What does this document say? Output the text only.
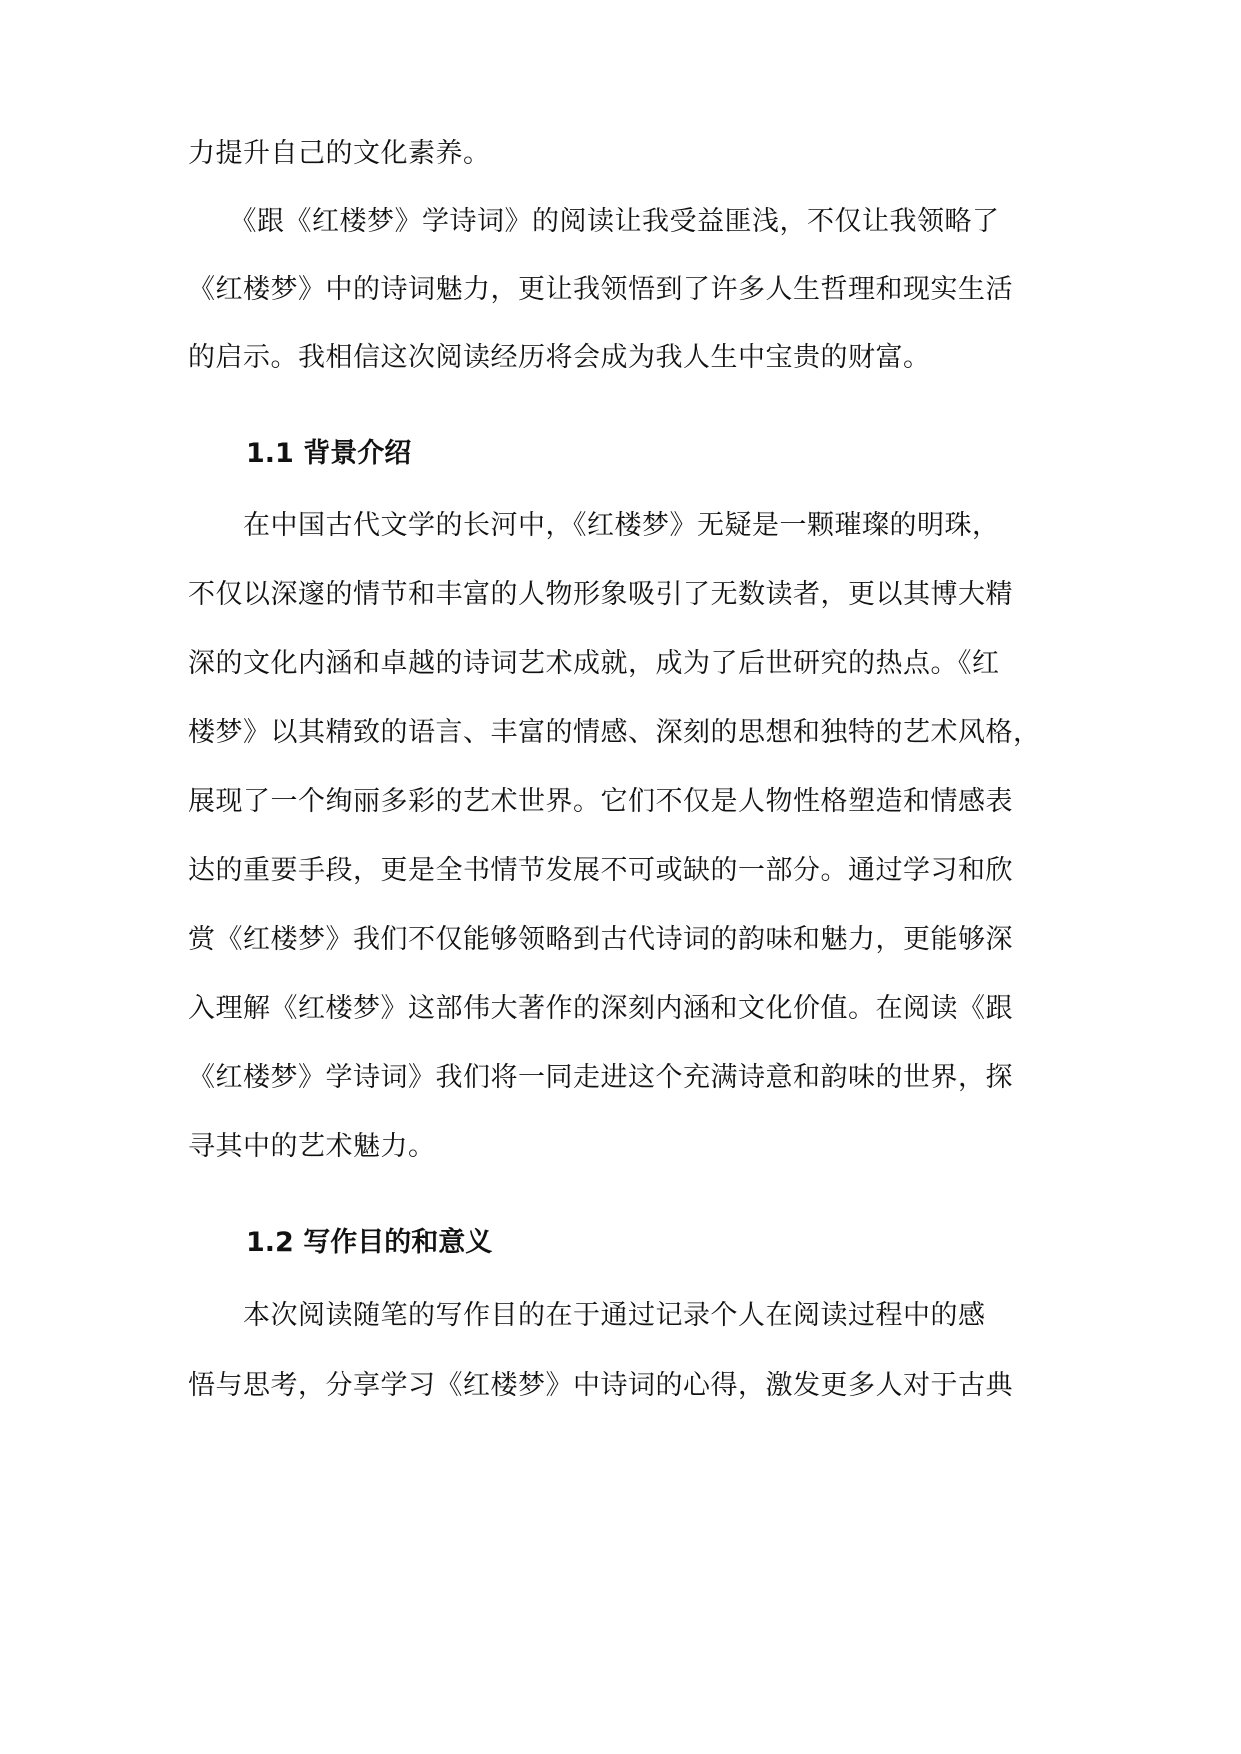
力提升自己的文化素养。
　　《跟《红楼梦》学诗词》的阅读让我受益匪浅，不仅让我领略了
《红楼梦》中的诗词魅力，更让我领悟到了许多人生哲理和现实生活
的启示。我相信这次阅读经历将会成为我人生中宝贵的财富。
1.1 背景介绍
　　在中国古代文学的长河中，《红楼梦》无疑是一颗璀璨的明珠，
不仅以深邃的情节和丰富的人物形象吸引了无数读者，更以其博大精
深的文化内涵和卓越的诗词艺术成就，成为了后世研究的热点。《红
楼梦》以其精致的语言、丰富的情感、深刻的思想和独特的艺术风格，
展现了一个绚丽多彩的艺术世界。它们不仅是人物性格塑造和情感表
达的重要手段，更是全书情节发展不可或缺的一部分。通过学习和欣
赏《红楼梦》我们不仅能够领略到古代诗词的韵味和魅力，更能够深
入理解《红楼梦》这部伟大著作的深刻内涵和文化价值。在阅读《跟
《红楼梦》学诗词》我们将一同走进这个充满诗意和韵味的世界，探
寻其中的艺术魅力。
1.2 写作目的和意义
　　本次阅读随笔的写作目的在于通过记录个人在阅读过程中的感
悟与思考，分享学习《红楼梦》中诗词的心得，激发更多人对于古典
